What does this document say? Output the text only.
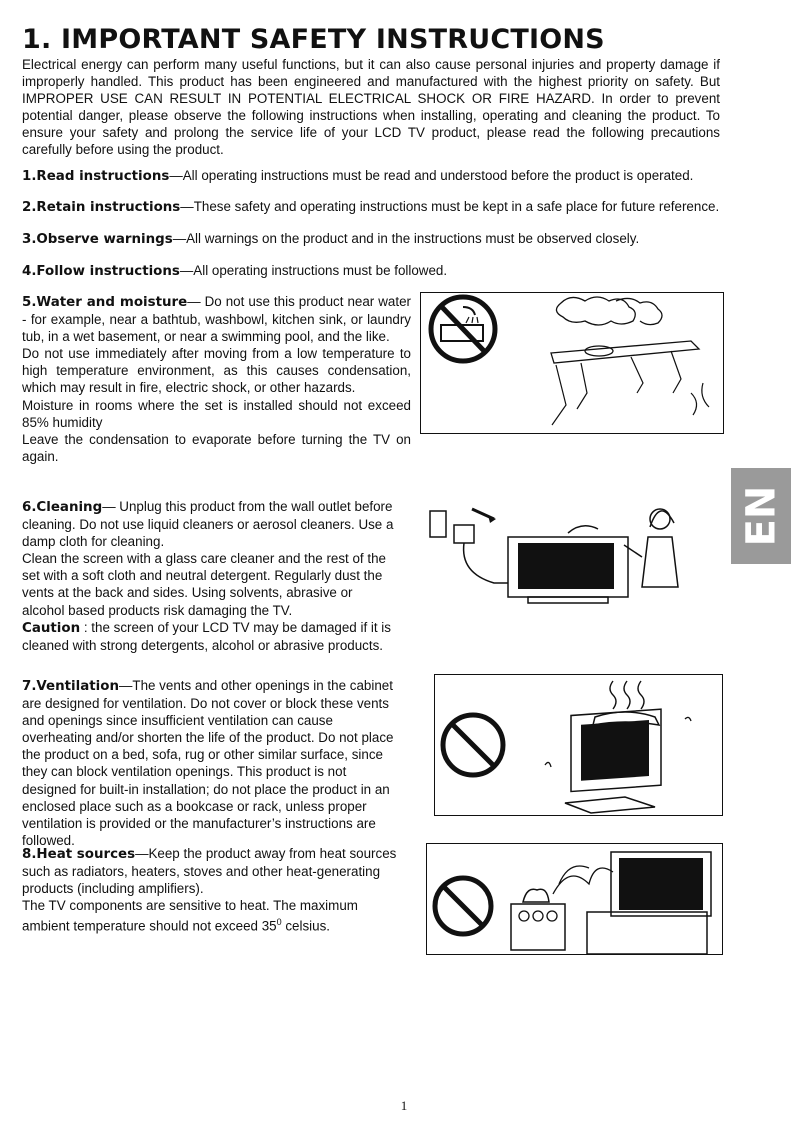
1. IMPORTANT SAFETY INSTRUCTIONS

Electrical energy can perform many useful functions, but it can also cause personal injuries and property damage if improperly handled. This product has been engineered and manufactured with the highest priority on safety. But IMPROPER USE CAN RESULT IN POTENTIAL ELECTRICAL SHOCK OR FIRE HAZARD. In order to prevent potential danger, please observe the following instructions when installing, operating and cleaning the product. To ensure your safety and prolong the service life of your LCD TV product, please read the following precautions carefully before using the product.

1.Read instructions—All operating instructions must be read and understood before the product is operated.

2.Retain instructions—These safety and operating instructions must be kept in a safe place for future reference.

3.Observe warnings—All warnings on the product and in the instructions must be observed closely.

4.Follow instructions—All operating instructions must be followed.

5.Water and moisture— Do not use this product near water - for example, near a bathtub, washbowl, kitchen sink, or laundry tub, in a wet basement, or near a swimming pool, and the like.
Do not use immediately after moving from a low temperature to high temperature environment, as this causes condensation, which may result in fire, electric shock, or other hazards.
Moisture in rooms where the set is installed should not exceed 85% humidity
Leave the condensation to evaporate before turning the TV on again.
6.Cleaning— Unplug this product from the wall outlet before cleaning. Do not use liquid cleaners or aerosol cleaners. Use a damp cloth for cleaning.
Clean the screen with a glass care cleaner and the rest of the set with a soft cloth and neutral detergent. Regularly dust the vents at the back and sides. Using solvents, abrasive or alcohol based products risk damaging the TV.
Caution : the screen of your LCD TV may be damaged if it is cleaned with strong detergents, alcohol or abrasive products.
7.Ventilation—The vents and other openings in the cabinet are designed for ventilation. Do not cover or block these vents and openings since insufficient ventilation can cause overheating and/or shorten the life of the product. Do not place the product on a bed, sofa, rug or other similar surface, since they can block ventilation openings. This product is not designed for built-in installation; do not place the product in an enclosed place such as a bookcase or rack, unless proper ventilation is provided or the manufacturer’s instructions are followed.
8.Heat sources—Keep the product away from heat sources such as radiators, heaters, stoves and other heat-generating products (including amplifiers).
The TV components are sensitive to heat. The maximum ambient temperature should not exceed $35^0$ celsius.
EN
1
